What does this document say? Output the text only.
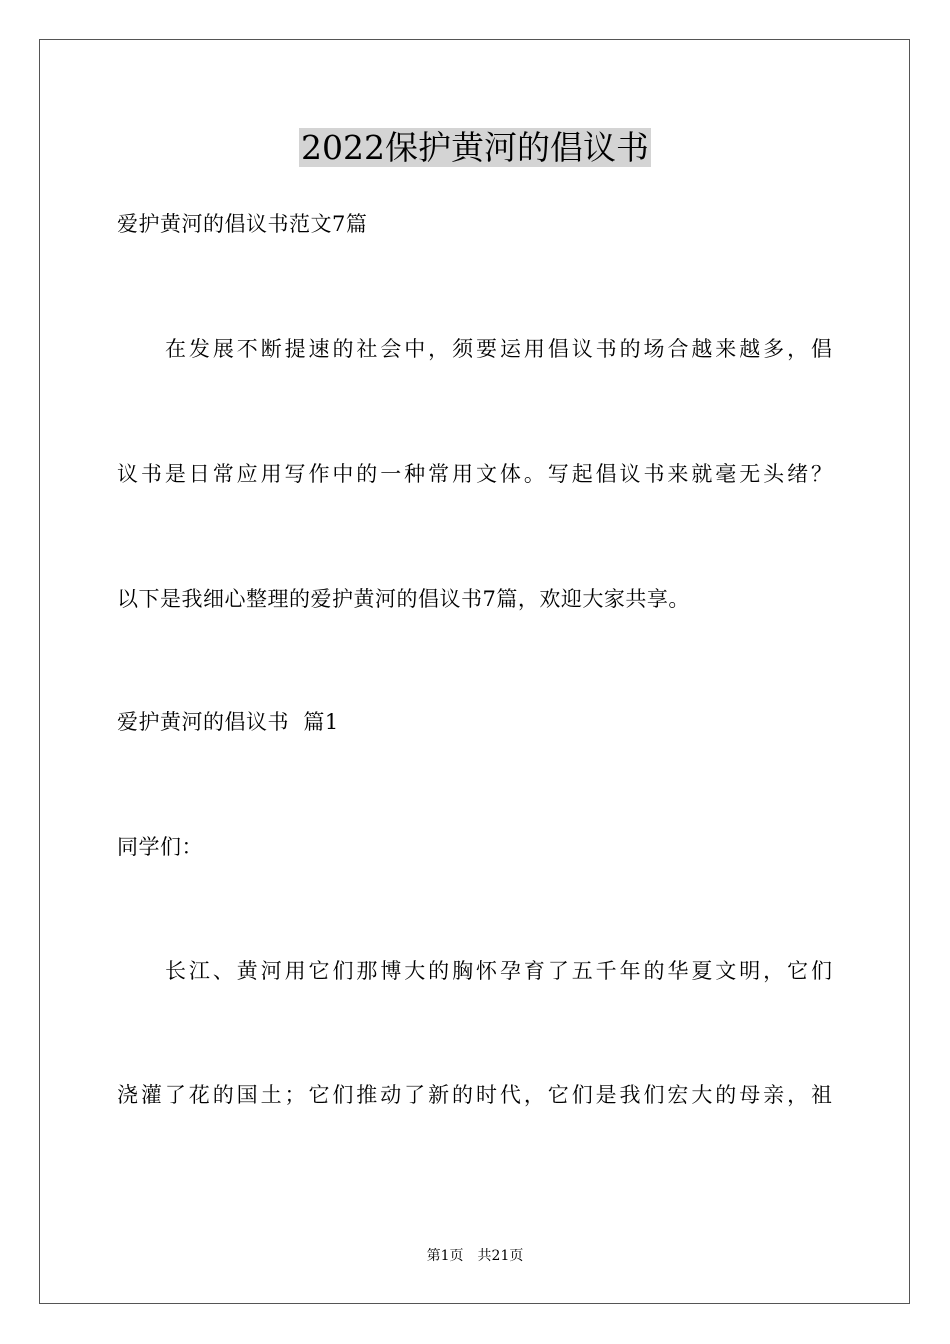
2022保护黄河的倡议书
爱护黄河的倡议书范文7篇
在发展不断提速的社会中，须要运用倡议书的场合越来越多，倡
议书是日常应用写作中的一种常用文体。写起倡议书来就毫无头绪？
以下是我细心整理的爱护黄河的倡议书7篇，欢迎大家共享。
爱护黄河的倡议书  篇1
同学们：
长江、黄河用它们那博大的胸怀孕育了五千年的华夏文明，它们
浇灌了花的国土；它们推动了新的时代，它们是我们宏大的母亲，祖
第1页 共21页
